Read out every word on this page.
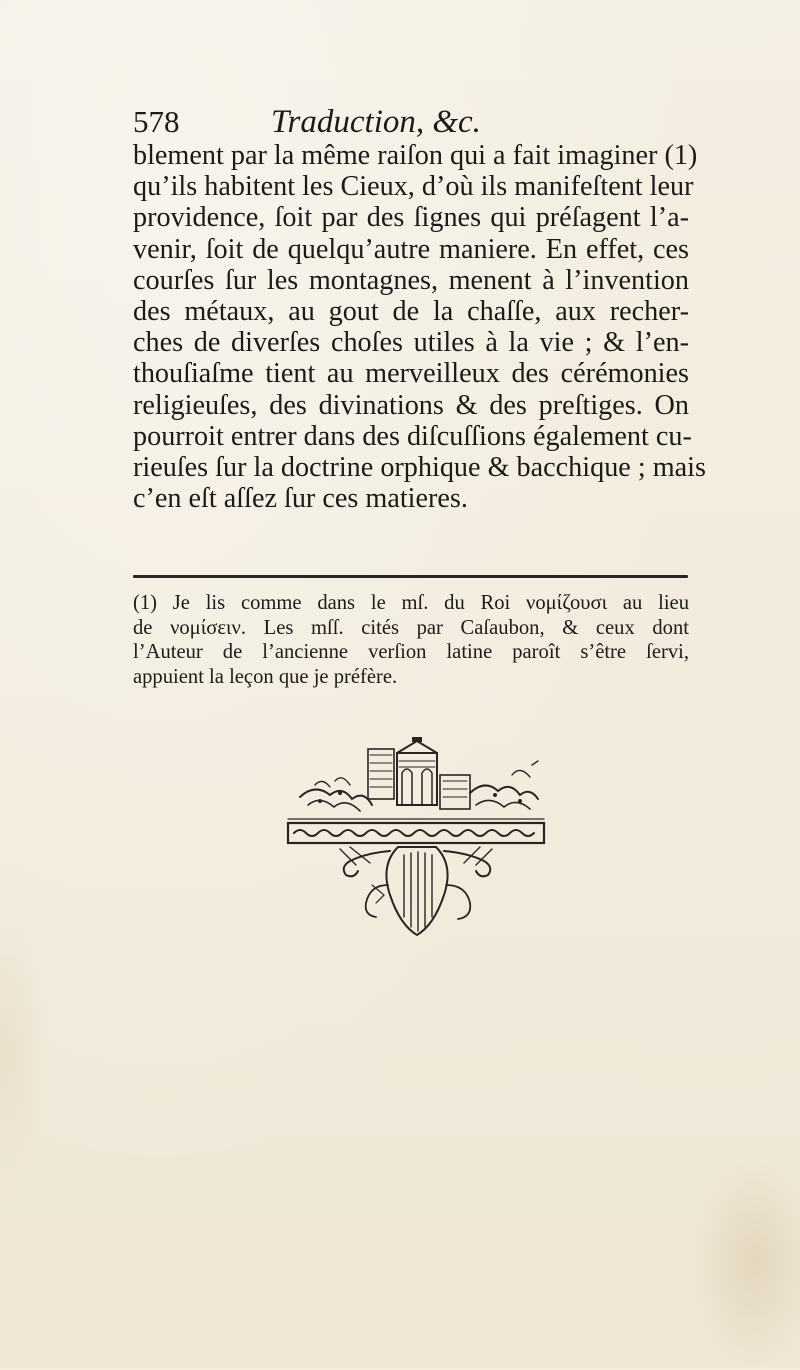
578	Traduction, &c.
blement par la même raiſon qui a fait imaginer (1)
qu’ils habitent les Cieux, d’où ils manifeſtent leur
providence, ſoit par des ſignes qui préſagent l’a-
venir, ſoit de quelqu’autre maniere. En effet, ces
courſes ſur les montagnes, menent à l’invention
des métaux, au gout de la chaſſe, aux recher-
ches de diverſes choſes utiles à la vie ; & l’en-
thouſiaſme tient au merveilleux des cérémonies
religieuſes, des divinations & des preſtiges. On
pourroit entrer dans des diſcuſſions également cu-
rieuſes ſur la doctrine orphique & bacchique ; mais
c’en eſt aſſez ſur ces matieres.
(1) Je lis comme dans le mſ. du Roi νομίζουσι au lieu
de νομίσειν. Les mſſ. cités par Caſaubon, & ceux dont
l’Auteur de l’ancienne verſion latine paroît s’être ſervi,
appuient la leçon que je préfère.
